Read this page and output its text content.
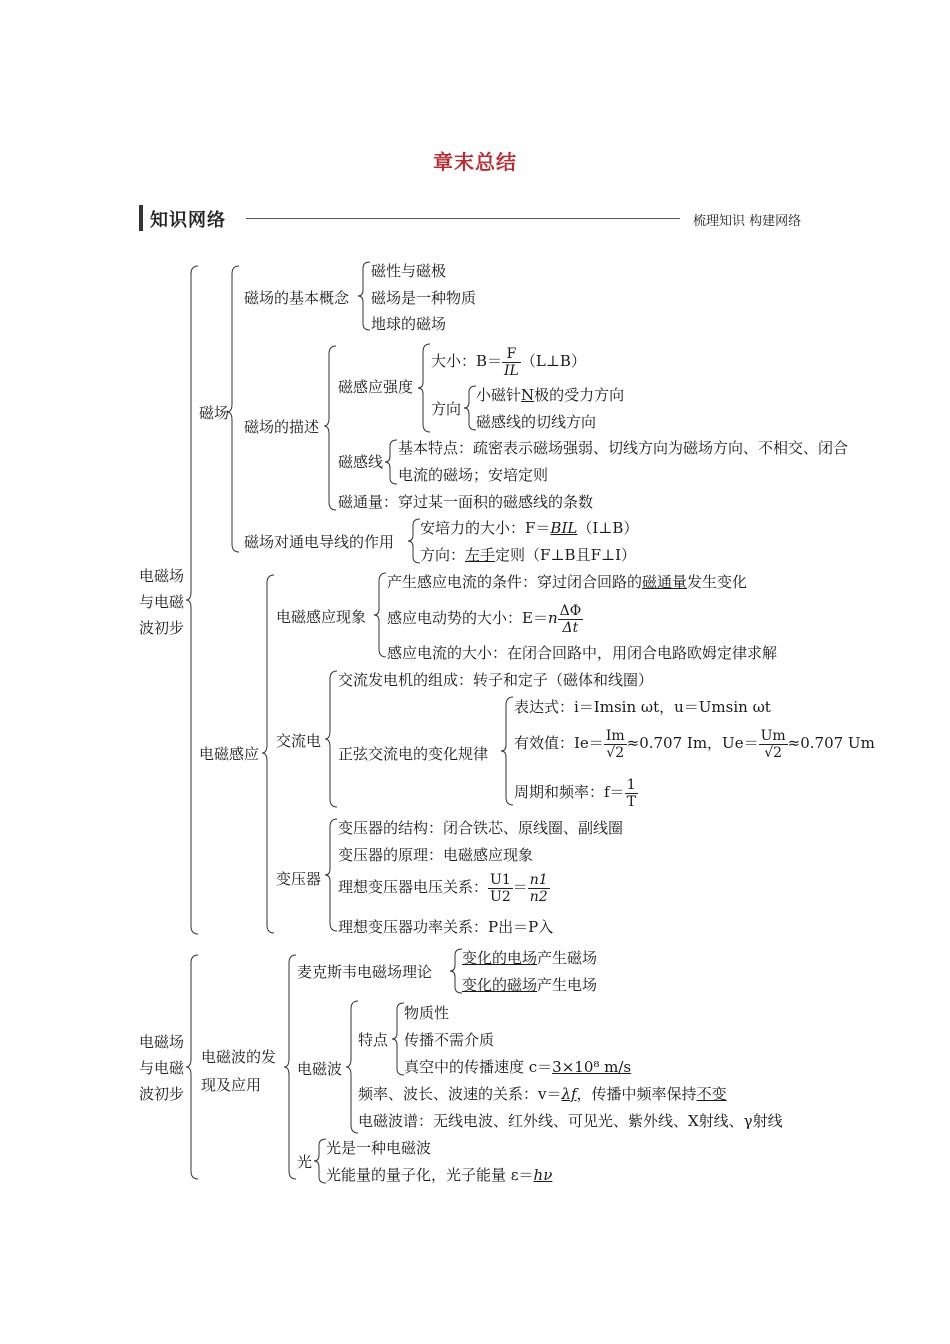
章末总结
知识网络	梳理知识 构建网络
电磁场
与电磁
波初步
磁场
磁场的基本概念
磁性与磁极
磁场是一种物质
地球的磁场
磁场的描述
磁感应强度
大小：$B= \frac{F}{IL}$ （L⊥B）
方向
小磁针N极的受力方向
磁感线的切线方向
磁感线
基本特点：疏密表示磁场强弱、切线方向为磁场方向、不相交、闭合
电流的磁场；安培定则
磁通量：穿过某一面积的磁感线的条数
磁场对通电导线的作用
安培力的大小：F＝BIL（I⊥B）
方向：左手定则（F⊥B且F⊥I）
电磁感应
电磁感应现象
产生感应电流的条件：穿过闭合回路的磁通量发生变化
感应电动势的大小：$E=n \frac{\Delta\Phi}{\Delta t}$
感应电流的大小：在闭合回路中，用闭合电路欧姆定律求解
交流电
交流发电机的组成：转子和定子（磁体和线圈）
正弦交流电的变化规律
表达式：i＝Imsin ωt，u＝Umsin ωt
有效值：$Ie= \frac{Im}{√2} \approx 0.707$ Im，$Ue= \frac{Um}{√2} \approx 0.707$ Um
周期和频率：$f= \frac{1}{T}$
变压器
变压器的结构：闭合铁芯、原线圈、副线圈
变压器的原理：电磁感应现象
理想变压器电压关系： $\frac{U1}{U2} = \frac{n1}{n2}$
理想变压器功率关系：P出＝P入
电磁场
与电磁
波初步
电磁波的发
现及应用
麦克斯韦电磁场理论
变化的电场产生磁场
变化的磁场产生电场
电磁波
特点
物质性
传播不需介质
真空中的传播速度 c＝3×10⁸ m/s
频率、波长、波速的关系：v＝λf，传播中频率保持不变
电磁波谱：无线电波、红外线、可见光、紫外线、X射线、γ射线
光
光是一种电磁波
光能量的量子化，光子能量 ε＝hν
